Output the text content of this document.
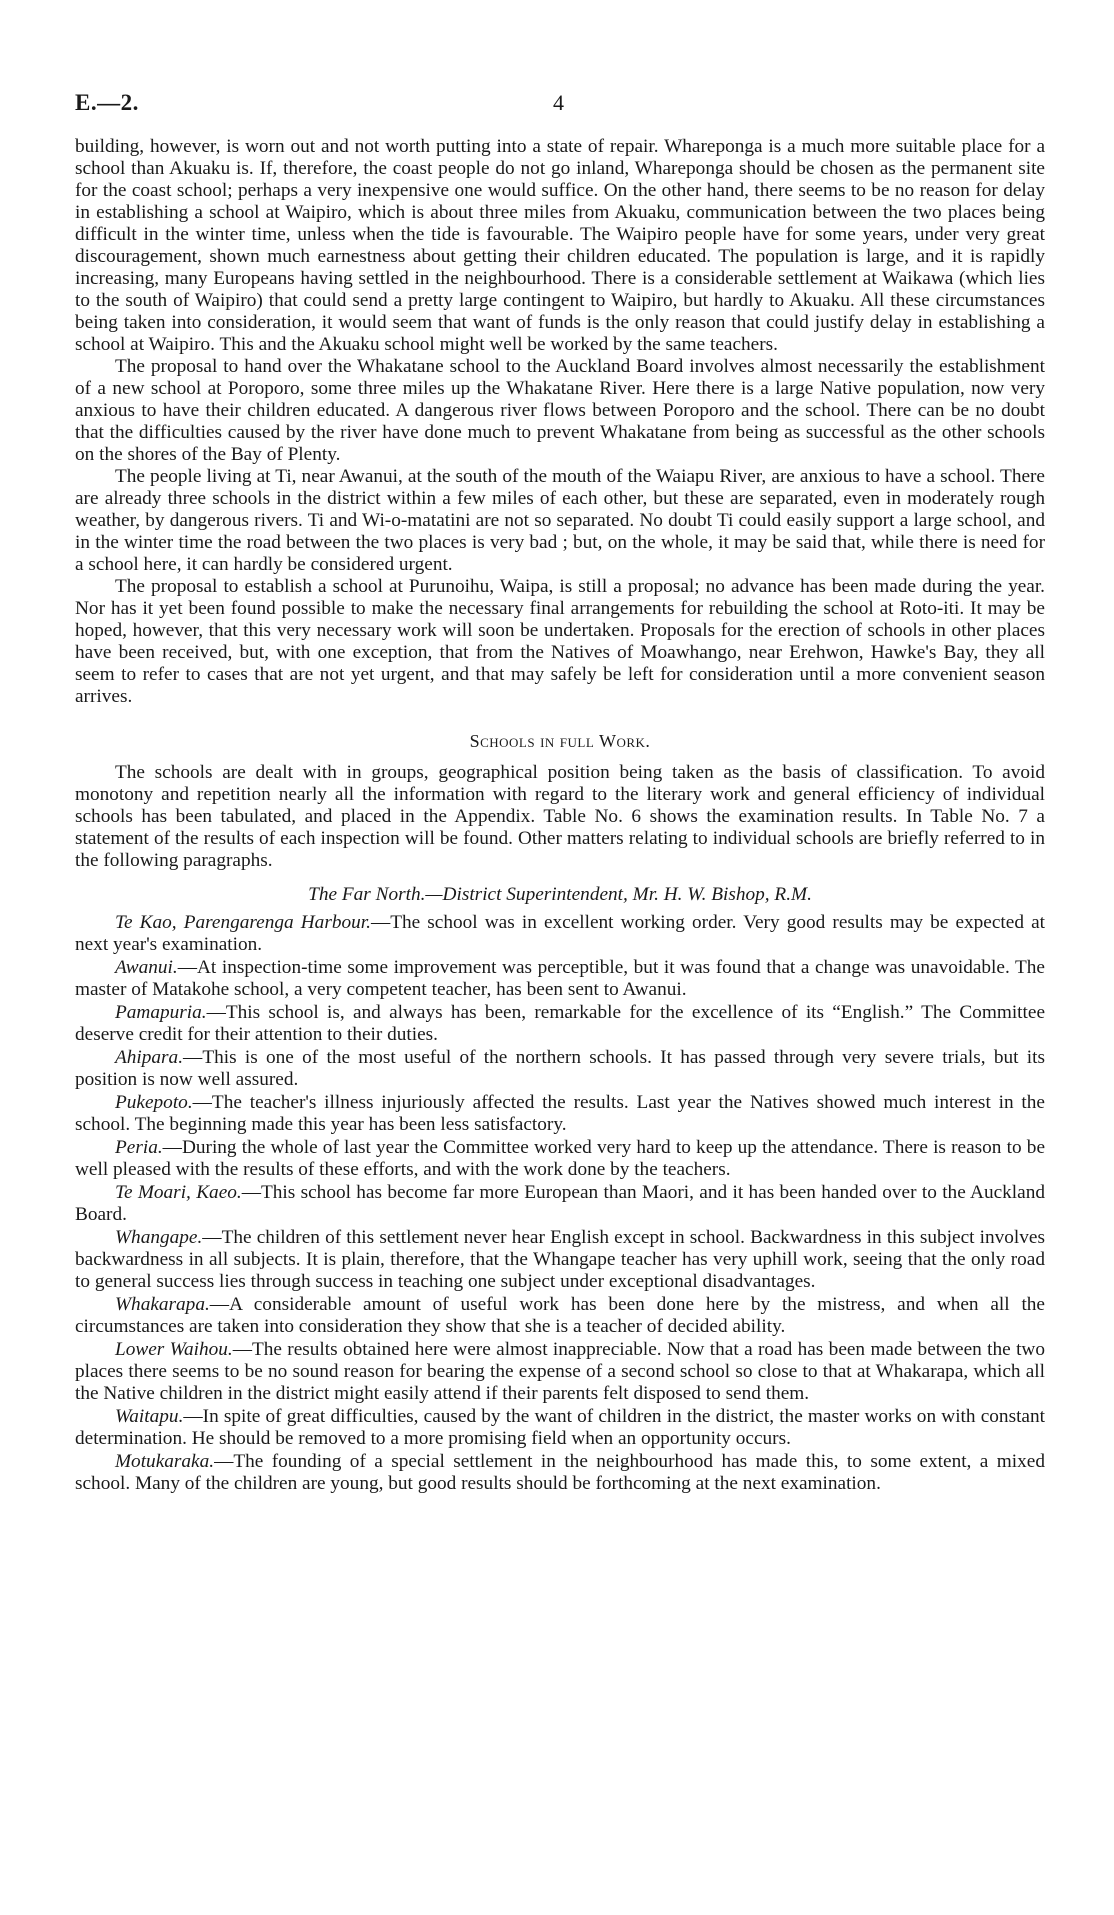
E.—2.	4

building, however, is worn out and not worth putting into a state of repair. Whareponga is a much more suitable place for a school than Akuaku is. If, therefore, the coast people do not go inland, Whareponga should be chosen as the permanent site for the coast school; perhaps a very inexpensive one would suffice. On the other hand, there seems to be no reason for delay in establishing a school at Waipiro, which is about three miles from Akuaku, communication between the two places being difficult in the winter time, unless when the tide is favourable. The Waipiro people have for some years, under very great discouragement, shown much earnestness about getting their children educated. The population is large, and it is rapidly increasing, many Europeans having settled in the neighbourhood. There is a considerable settlement at Waikawa (which lies to the south of Waipiro) that could send a pretty large contingent to Waipiro, but hardly to Akuaku. All these circumstances being taken into consideration, it would seem that want of funds is the only reason that could justify delay in establishing a school at Waipiro. This and the Akuaku school might well be worked by the same teachers.

The proposal to hand over the Whakatane school to the Auckland Board involves almost necessarily the establishment of a new school at Poroporo, some three miles up the Whakatane River. Here there is a large Native population, now very anxious to have their children educated. A dangerous river flows between Poroporo and the school. There can be no doubt that the difficulties caused by the river have done much to prevent Whakatane from being as successful as the other schools on the shores of the Bay of Plenty.

The people living at Ti, near Awanui, at the south of the mouth of the Waiapu River, are anxious to have a school. There are already three schools in the district within a few miles of each other, but these are separated, even in moderately rough weather, by dangerous rivers. Ti and Wi-o-matatini are not so separated. No doubt Ti could easily support a large school, and in the winter time the road between the two places is very bad ; but, on the whole, it may be said that, while there is need for a school here, it can hardly be considered urgent.

The proposal to establish a school at Purunoihu, Waipa, is still a proposal; no advance has been made during the year. Nor has it yet been found possible to make the necessary final arrangements for rebuilding the school at Roto-iti. It may be hoped, however, that this very necessary work will soon be undertaken. Proposals for the erection of schools in other places have been received, but, with one exception, that from the Natives of Moawhango, near Erehwon, Hawke's Bay, they all seem to refer to cases that are not yet urgent, and that may safely be left for consideration until a more convenient season arrives.

Schools in full Work.

The schools are dealt with in groups, geographical position being taken as the basis of classification. To avoid monotony and repetition nearly all the information with regard to the literary work and general efficiency of individual schools has been tabulated, and placed in the Appendix. Table No. 6 shows the examination results. In Table No. 7 a statement of the results of each inspection will be found. Other matters relating to individual schools are briefly referred to in the following paragraphs.

The Far North.—District Superintendent, Mr. H. W. Bishop, R.M.

Te Kao, Parengarenga Harbour.—The school was in excellent working order. Very good results may be expected at next year's examination.

Awanui.—At inspection-time some improvement was perceptible, but it was found that a change was unavoidable. The master of Matakohe school, a very competent teacher, has been sent to Awanui.

Pamapuria.—This school is, and always has been, remarkable for the excellence of its “English.” The Committee deserve credit for their attention to their duties.

Ahipara.—This is one of the most useful of the northern schools. It has passed through very severe trials, but its position is now well assured.

Pukepoto.—The teacher's illness injuriously affected the results. Last year the Natives showed much interest in the school. The beginning made this year has been less satisfactory.

Peria.—During the whole of last year the Committee worked very hard to keep up the attendance. There is reason to be well pleased with the results of these efforts, and with the work done by the teachers.

Te Moari, Kaeo.—This school has become far more European than Maori, and it has been handed over to the Auckland Board.

Whangape.—The children of this settlement never hear English except in school. Backwardness in this subject involves backwardness in all subjects. It is plain, therefore, that the Whangape teacher has very uphill work, seeing that the only road to general success lies through success in teaching one subject under exceptional disadvantages.

Whakarapa.—A considerable amount of useful work has been done here by the mistress, and when all the circumstances are taken into consideration they show that she is a teacher of decided ability.

Lower Waihou.—The results obtained here were almost inappreciable. Now that a road has been made between the two places there seems to be no sound reason for bearing the expense of a second school so close to that at Whakarapa, which all the Native children in the district might easily attend if their parents felt disposed to send them.

Waitapu.—In spite of great difficulties, caused by the want of children in the district, the master works on with constant determination. He should be removed to a more promising field when an opportunity occurs.

Motukaraka.—The founding of a special settlement in the neighbourhood has made this, to some extent, a mixed school. Many of the children are young, but good results should be forthcoming at the next examination.
